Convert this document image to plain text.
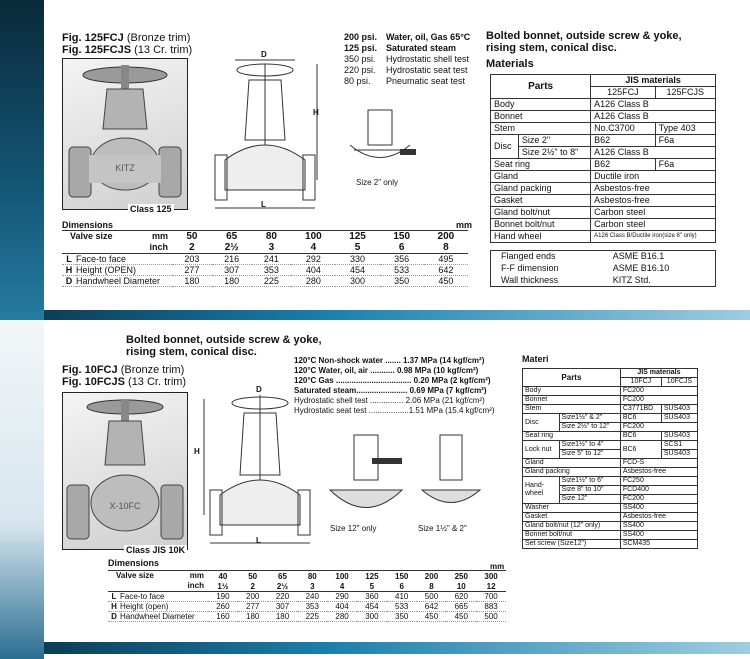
Fig. 125FCJ (Bronze trim)
Fig. 125FCJS (13 Cr. trim)
KITZ
Class 125
D
H
L
200 psi. Water, oil, Gas 65°C
125 psi. Saturated steam
350 psi.	Hydrostatic shell test
220 psi.	Hydrostatic seat test
80 psi.	Pneumatic seat test
Size 2" only
Bolted bonnet, outside screw & yoke,
rising stem, conical disc.
Materials
Parts		JIS materials	
		125FCJ	125FCJS
Body		A126 Class B	
Bonnet		A126 Class B	
Stem		No.C3700	Type 403
Disc	Size 2"	B62	F6a
	Size 2½" to 8"	A126 Class B	
Seat ring		B62	F6a
Gland		Ductile iron	
Gland packing		Asbestos-free	
Gasket		Asbestos-free	
Gland bolt/nut		Carbon steel	
Bonnet bolt/nut		Carbon steel	
Hand wheel		A126 Class B/Ductile iron(size 8" only)	
Flanged ends	ASME B16.1
F-F dimension	ASME B16.10
Wall thickness	KITZ Std.
Dimensions	mm
Valve size mm
inch		50	65	80	100	125	150	200
		2	2½	3	4	5	6	8
L	Face-to face	203	216	241	292	330	356	495
H	Height (OPEN)	277	307	353	404	454	533	642
D	Handwheel Diameter	180	180	225	280	300	350	450
Bolted bonnet, outside screw & yoke,
rising stem, conical disc.
Fig. 10FCJ (Bronze trim)
Fig. 10FCJS (13 Cr. trim)
X-10FC
Class JIS 10K
D
H
L
120°C Non-shock water ....... 1.37 MPa (14 kgf/cm²)
120°C Water, oil, air ........... 0.98 MPa (10 kgf/cm²)
120°C Gas .................................. 0.20 MPa (2 kgf/cm²)
Saturated steam....................... 0.69 MPa (7 kgf/cm²)
Hydrostatic shell test ............... 2.06 MPa (21 kgf/cm²)
Hydrostatic seat test ..................1.51 MPa (15.4 kgf/cm²)
Size 12" only	Size 1½" & 2"
Materi
Parts		JIS materials	
		10FCJ	10FCJS
Body		FC200	
Bonnet		FC200	
Stem		C3771BD	SUS403
Disc	Size1½" & 2"	BC6	SUS403
	Size 2½" to 12"	FC200	
Seat ring		BC6	SUS403
Lock nut	Size1½" to 4"	BC6	SCS1
	Size 5" to 12"		SUS403
Gland		FCD-S	
Gland packing		Asbestos-free	
Hand-
wheel	Size1½" to 6"	FC250	
	Size 8" to 10"	FCD400	
	Size 12"	FC200	
Washer		SS400	
Gasket		Asbestos-free	
Gland bolt/nut (12" only)		SS400	
Bonnet bolt/nut		SS400	
Set screw (Size12")		SCM435	
Dimensions	mm
Valve size mm
inch		40	50	65	80	100	125	150	200	250	300
		1½	2	2½	3	4	5	6	8	10	12
L	Face-to face	190	200	220	240	290	360	410	500	620	700
H	Height (open)	260	277	307	353	404	454	533	642	665	883
D	Handwheel Diameter	160	180	180	225	280	300	350	450	450	500
